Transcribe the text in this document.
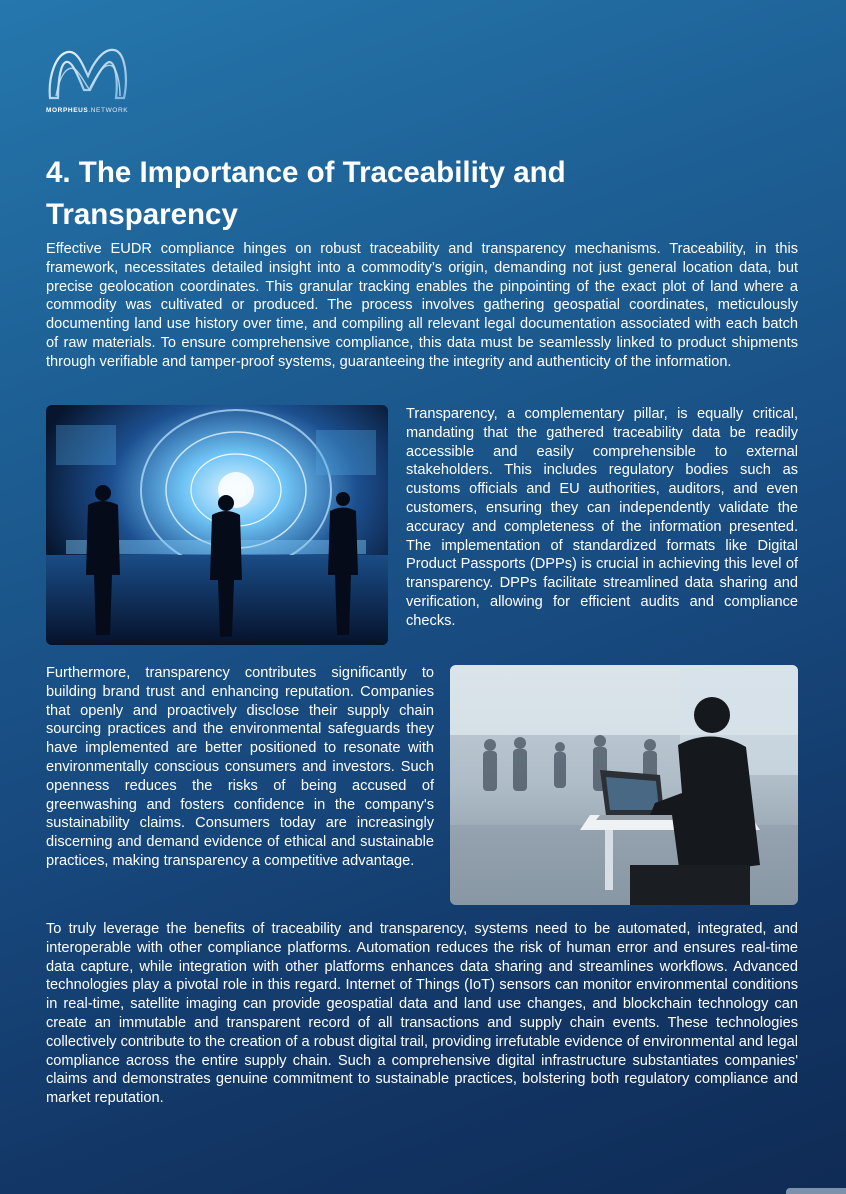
MORPHEUS.NETWORK
4. The Importance of Traceability and Transparency

Effective EUDR compliance hinges on robust traceability and transparency mechanisms. Traceability, in this framework, necessitates detailed insight into a commodity’s origin, demanding not just general location data, but precise geolocation coordinates. This granular tracking enables the pinpointing of the exact plot of land where a commodity was cultivated or produced. The process involves gathering geospatial coordinates, meticulously documenting land use history over time, and compiling all relevant legal documentation associated with each batch of raw materials. To ensure comprehensive compliance, this data must be seamlessly linked to product shipments through verifiable and tamper-proof systems, guaranteeing the integrity and authenticity of the information.

Transparency, a complementary pillar, is equally critical, mandating that the gathered traceability data be readily accessible and easily comprehensible to external stakeholders. This includes regulatory bodies such as customs officials and EU authorities, auditors, and even customers, ensuring they can independently validate the accuracy and completeness of the information presented. The implementation of standardized formats like Digital Product Passports (DPPs) is crucial in achieving this level of transparency. DPPs facilitate streamlined data sharing and verification, allowing for efficient audits and compliance checks.

Furthermore, transparency contributes significantly to building brand trust and enhancing reputation. Companies that openly and proactively disclose their supply chain sourcing practices and the environmental safeguards they have implemented are better positioned to resonate with environmentally conscious consumers and investors. Such openness reduces the risks of being accused of greenwashing and fosters confidence in the company's sustainability claims. Consumers today are increasingly discerning and demand evidence of ethical and sustainable practices, making transparency a competitive advantage.

To truly leverage the benefits of traceability and transparency, systems need to be automated, integrated, and interoperable with other compliance platforms. Automation reduces the risk of human error and ensures real-time data capture, while integration with other platforms enhances data sharing and streamlines workflows. Advanced technologies play a pivotal role in this regard. Internet of Things (IoT) sensors can monitor environmental conditions in real-time, satellite imaging can provide geospatial data and land use changes, and blockchain technology can create an immutable and transparent record of all transactions and supply chain events. These technologies collectively contribute to the creation of a robust digital trail, providing irrefutable evidence of environmental and legal compliance across the entire supply chain. Such a comprehensive digital infrastructure substantiates companies' claims and demonstrates genuine commitment to sustainable practices, bolstering both regulatory compliance and market reputation.
